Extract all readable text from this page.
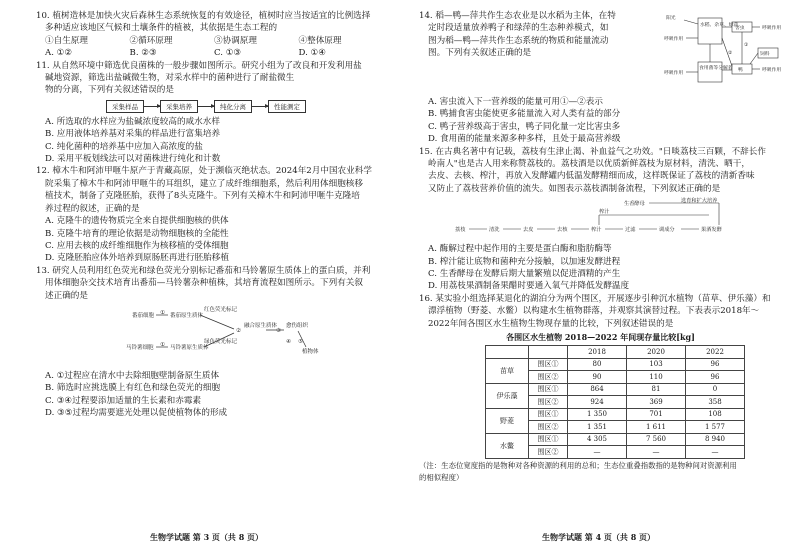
10. 植树造林是加快火灾后森林生态系统恢复的有效途径，植树时应当按适宜的比例选择

多种适应该地区气候和土壤条件的植被，其依据是生态工程的

①自生原理	②循环原理	③协调原理	④整体原理
A. ①②	B. ②③	C. ①③	D. ①④

11. 从自然环境中筛选优良菌株的一般步骤如图所示。研究小组为了改良和开发利用盐

碱地资源，筛选出盐碱微生物，对采水样中的菌种进行了耐盐微生

物的分离，下列有关叙述错误的是

采集样品	采集培养	纯化分离	性能测定

A. 所选取的水样应为盐碱浓度较高的咸水水样

B. 应用液体培养基对采集的样品进行富集培养

C. 纯化菌种的培养基中应加入高浓度的盐

D. 采用平板划线法可以对菌株进行纯化和计数

12. 樟木牛和阿沛甲咂牛原产于青藏高原，处于濒临灭绝状态。2024年2月中国农业科学

院采集了樟木牛和阿沛甲咂牛的耳组织，建立了成纤维细胞系，然后利用体细胞核移

植技术，制备了克隆胚胎，获得了8头克隆牛。下列有关樟木牛和阿沛甲咂牛克隆培

养过程的叙述，正确的是

A. 克隆牛的遗传物质完全来自提供细胞核的供体

B. 克隆牛培育的理论依据是动物细胞核的全能性

C. 应用去核的成纤维细胞作为核移植的受体细胞

D. 克隆胚胎应体外培养到原肠胚再进行胚胎移植

13. 研究人员利用红色荧光和绿色荧光分别标记番茄和马铃薯原生质体上的蛋白质，并利

用体细胞杂交技术培育出番茄—马铃薯杂种植株，其培育流程如图所示。下列有关叙

述正确的是

番茄细胞
马铃薯细胞
①
①
番茄原生质体
马铃薯原生质体
红色荧光标记
绿色荧光标记
②
融合原生质体
③
愈伤组织
④ ⑤
植物体

A. ①过程应在清水中去除细胞壁制备原生质体

B. 筛选时应挑选膜上有红色和绿色荧光的细胞

C. ③④过程要添加适量的生长素和赤霉素

D. ③⑤过程均需要遮光处理以促使植物体的形成

生物学试题 第 3 页（共 8 页）

14. 稻—鸭—萍共作生态农业是以水稻为主体，在特

定时段适量放养鸭子和绿萍的生态种养模式，如

图为稻—鸭—萍共作生态系统的物质和能量流动

图。下列有关叙述正确的是

阳光
水稻、杂草、绿萍
害虫	呼吸作用
呼吸作用
鸭	呼吸作用
饲料
食用菌等分解者
呼吸作用
①
②

A. 害虫流入下一营养级的能量可用①—②表示

B. 鸭捕食害虫能使更多能量流入对人类有益的部分

C. 鸭子营养级高于害虫，鸭子同化量一定比害虫多

D. 食用菌的能量来源多种多样，且处于最高营养级

15. 在古典名著中有记载，荔枝有生津止渴、补血益气之功效。"日啖荔枝三百颗，不辞长作

岭南人"也是古人用来称赞荔枝的。荔枝酒是以优质新鲜荔枝为原材料，清洗、晒干，

去皮、去核、榨汁，再放入发酵罐内低温发酵精细而成，这样既保证了荔枝的清新香味

又防止了荔枝营养价值的流失。如图表示荔枝酒制备流程，下列叙述正确的是

生香酵母	选育和扩大培养
榨汁
荔枝	清洗	去皮	去核	榨汁	过滤	调成分	果酒发酵

A. 酶解过程中起作用的主要是蛋白酶和脂肪酶等

B. 榨汁能让底物和菌种充分接触，以加速发酵进程

C. 生香酵母在发酵后期大量繁殖以促进酒精的产生

D. 用荔枝果酒制备果醋时要通入氧气并降低发酵温度

16. 某实验小组选择某退化的湖泊分为两个围区，开展逐步引种沉水植物（苗草、伊乐藻）和

漂浮植物（野菱、水鳖）以构建水生植物群落，并观察其演替过程。下表表示2018年～

2022年间各围区水生植物生物现存量的比较，下列叙述错误的是

各围区水生植物 2018—2022 年间现存量比较[kg]
		2018	2020	2022
苗草	围区①	80	103	96
	围区②	90	110	96
伊乐藻	围区①	864	81	0
	围区②	924	369	358
野菱	围区①	1 350	701	108
	围区②	1 351	1 611	1 577
水鳖	围区①	4 305	7 560	8 940
	围区②	—	—	—

（注：生态位宽度指的是物种对各种资源的利用的总和；生态位重叠指数指的是物种间对资源利用

的相似程度）

生物学试题 第 4 页（共 8 页）
